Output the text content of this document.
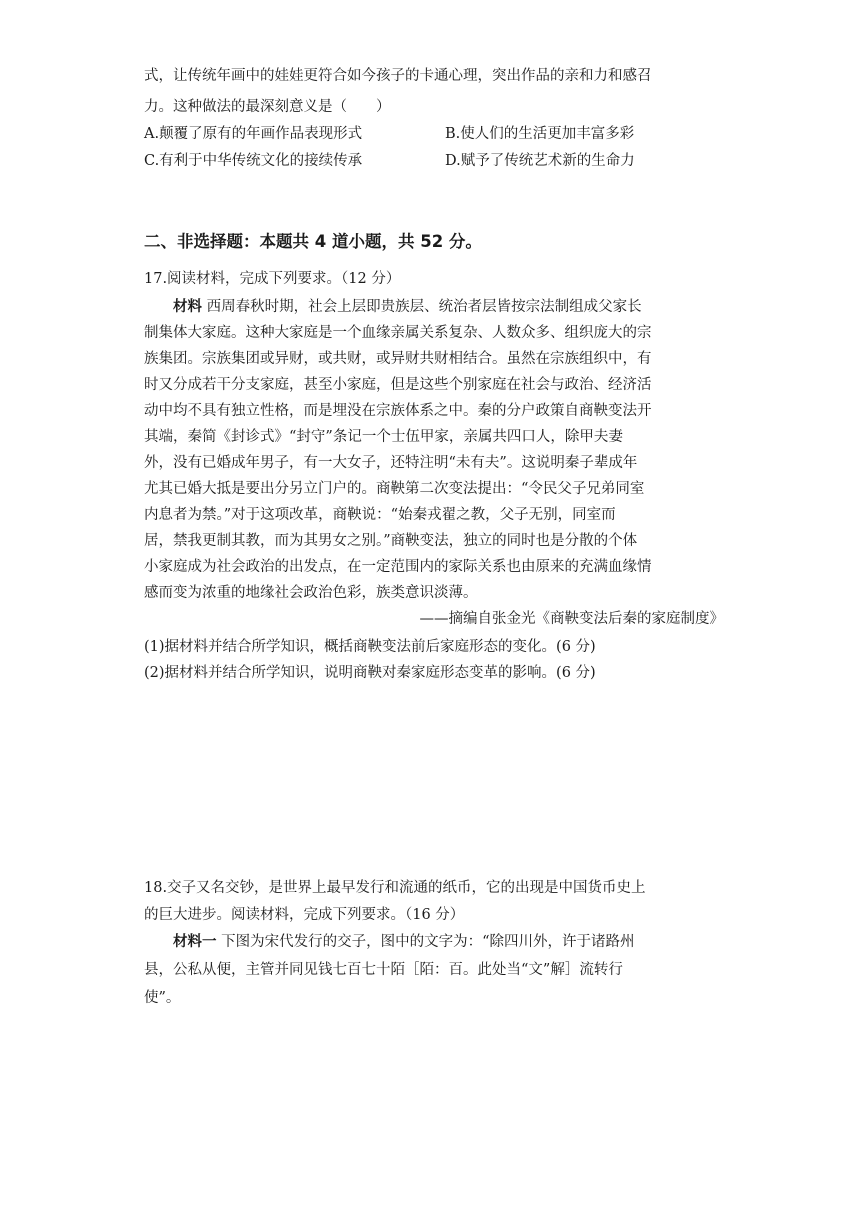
式，让传统年画中的娃娃更符合如今孩子的卡通心理，突出作品的亲和力和感召
力。这种做法的最深刻意义是（　　）
A.颠覆了原有的年画作品表现形式	B.使人们的生活更加丰富多彩
C.有利于中华传统文化的接续传承	D.赋予了传统艺术新的生命力
二、非选择题：本题共 4 道小题，共 52 分。
17.阅读材料，完成下列要求。（12 分）
材料 西周春秋时期，社会上层即贵族层、统治者层皆按宗法制组成父家长
制集体大家庭。这种大家庭是一个血缘亲属关系复杂、人数众多、组织庞大的宗
族集团。宗族集团或异财，或共财，或异财共财相结合。虽然在宗族组织中，有
时又分成若干分支家庭，甚至小家庭，但是这些个别家庭在社会与政治、经济活
动中均不具有独立性格，而是埋没在宗族体系之中。秦的分户政策自商鞅变法开
其端，秦简《封诊式》“封守”条记一个士伍甲家，亲属共四口人，除甲夫妻
外，没有已婚成年男子，有一大女子，还特注明“未有夫”。这说明秦子辈成年
尤其已婚大抵是要出分另立门户的。商鞅第二次变法提出：“令民父子兄弟同室
内息者为禁。”对于这项改革，商鞅说：“始秦戎翟之教，父子无别，同室而
居，禁我更制其教，而为其男女之别。”商鞅变法，独立的同时也是分散的个体
小家庭成为社会政治的出发点，在一定范围内的家际关系也由原来的充满血缘情
感而变为浓重的地缘社会政治色彩，族类意识淡薄。
——摘编自张金光《商鞅变法后秦的家庭制度》
(1)据材料并结合所学知识，概括商鞅变法前后家庭形态的变化。(6 分)
(2)据材料并结合所学知识，说明商鞅对秦家庭形态变革的影响。(6 分)
18.交子又名交钞，是世界上最早发行和流通的纸币，它的出现是中国货币史上
的巨大进步。阅读材料，完成下列要求。（16 分）
材料一 下图为宋代发行的交子，图中的文字为：“除四川外，许于诸路州
县，公私从便，主管并同见钱七百七十陌［陌：百。此处当“文”解］流转行
使”。
